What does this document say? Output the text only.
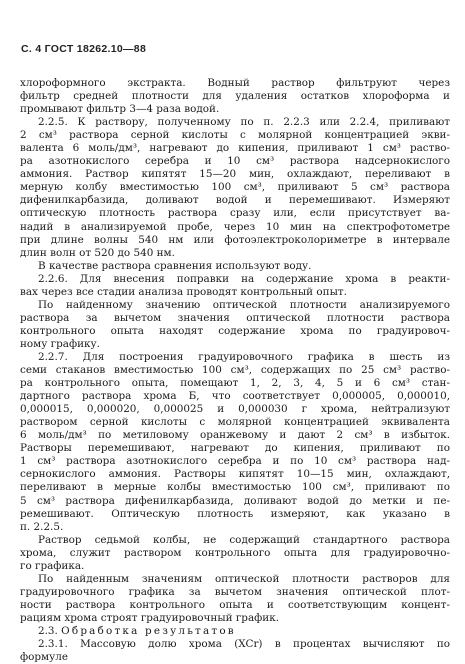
С. 4 ГОСТ 18262.10—88
хлороформного экстракта. Водный раствор фильтруют через
фильтр средней плотности для удаления остатков хлороформа и
промывают фильтр 3—4 раза водой.
2.2.5. К раствору, полученному по п. 2.2.3 или 2.2.4, приливают
2 см³ раствора серной кислоты с молярной концентрацией экви-
валента 6 моль/дм³, нагревают до кипения, приливают 1 см³ раство-
ра азотнокислого серебра и 10 см³ раствора надсернокислого
аммония. Раствор кипятят 15—20 мин, охлаждают, переливают в
мерную колбу вместимостью 100 см³, приливают 5 см³ раствора
дифенилкарбазида, доливают водой и перемешивают. Измеряют
оптическую плотность раствора сразу или, если присутствует ва-
надий в анализируемой пробе, через 10 мин на спектрофотометре
при длине волны 540 нм или фотоэлектроколориметре в интервале
длин волн от 520 до 540 нм.
В качестве раствора сравнения используют воду.
2.2.6. Для внесения поправки на содержание хрома в реакти-
вах через все стадии анализа проводят контрольный опыт.
По найденному значению оптической плотности анализируемого
раствора за вычетом значения оптической плотности раствора
контрольного опыта находят содержание хрома по градуировоч-
ному графику.
2.2.7. Для построения градуировочного графика в шесть из
семи стаканов вместимостью 100 см³, содержащих по 25 см³ раство-
ра контрольного опыта, помещают 1, 2, 3, 4, 5 и 6 см³ стан-
дартного раствора хрома Б, что соответствует 0,000005, 0,000010,
0,000015, 0,000020, 0,000025 и 0,000030 г хрома, нейтрализуют
раствором серной кислоты с молярной концентрацией эквивалента
6 моль/дм³ по метиловому оранжевому и дают 2 см³ в избыток.
Растворы перемешивают, нагревают до кипения, приливают по
1 см³ раствора азотнокислого серебра и по 10 см³ раствора над-
сернокислого аммония. Растворы кипятят 10—15 мин, охлаждают,
переливают в мерные колбы вместимостью 100 см³, приливают по
5 см³ раствора дифенилкарбазида, доливают водой до метки и пе-
ремешивают. Оптическую плотность измеряют, как указано в
п. 2.2.5.
Раствор седьмой колбы, не содержащий стандартного раствора
хрома, служит раствором контрольного опыта для градуировочно-
го графика.
По найденным значениям оптической плотности растворов для
градуировочного графика за вычетом значения оптической плот-
ности раствора контрольного опыта и соответствующим концент-
рациям хрома строят градуировочный график.
2.3. Обработка результатов
2.3.1. Массовую долю хрома (XCr) в процентах вычисляют по
формуле
